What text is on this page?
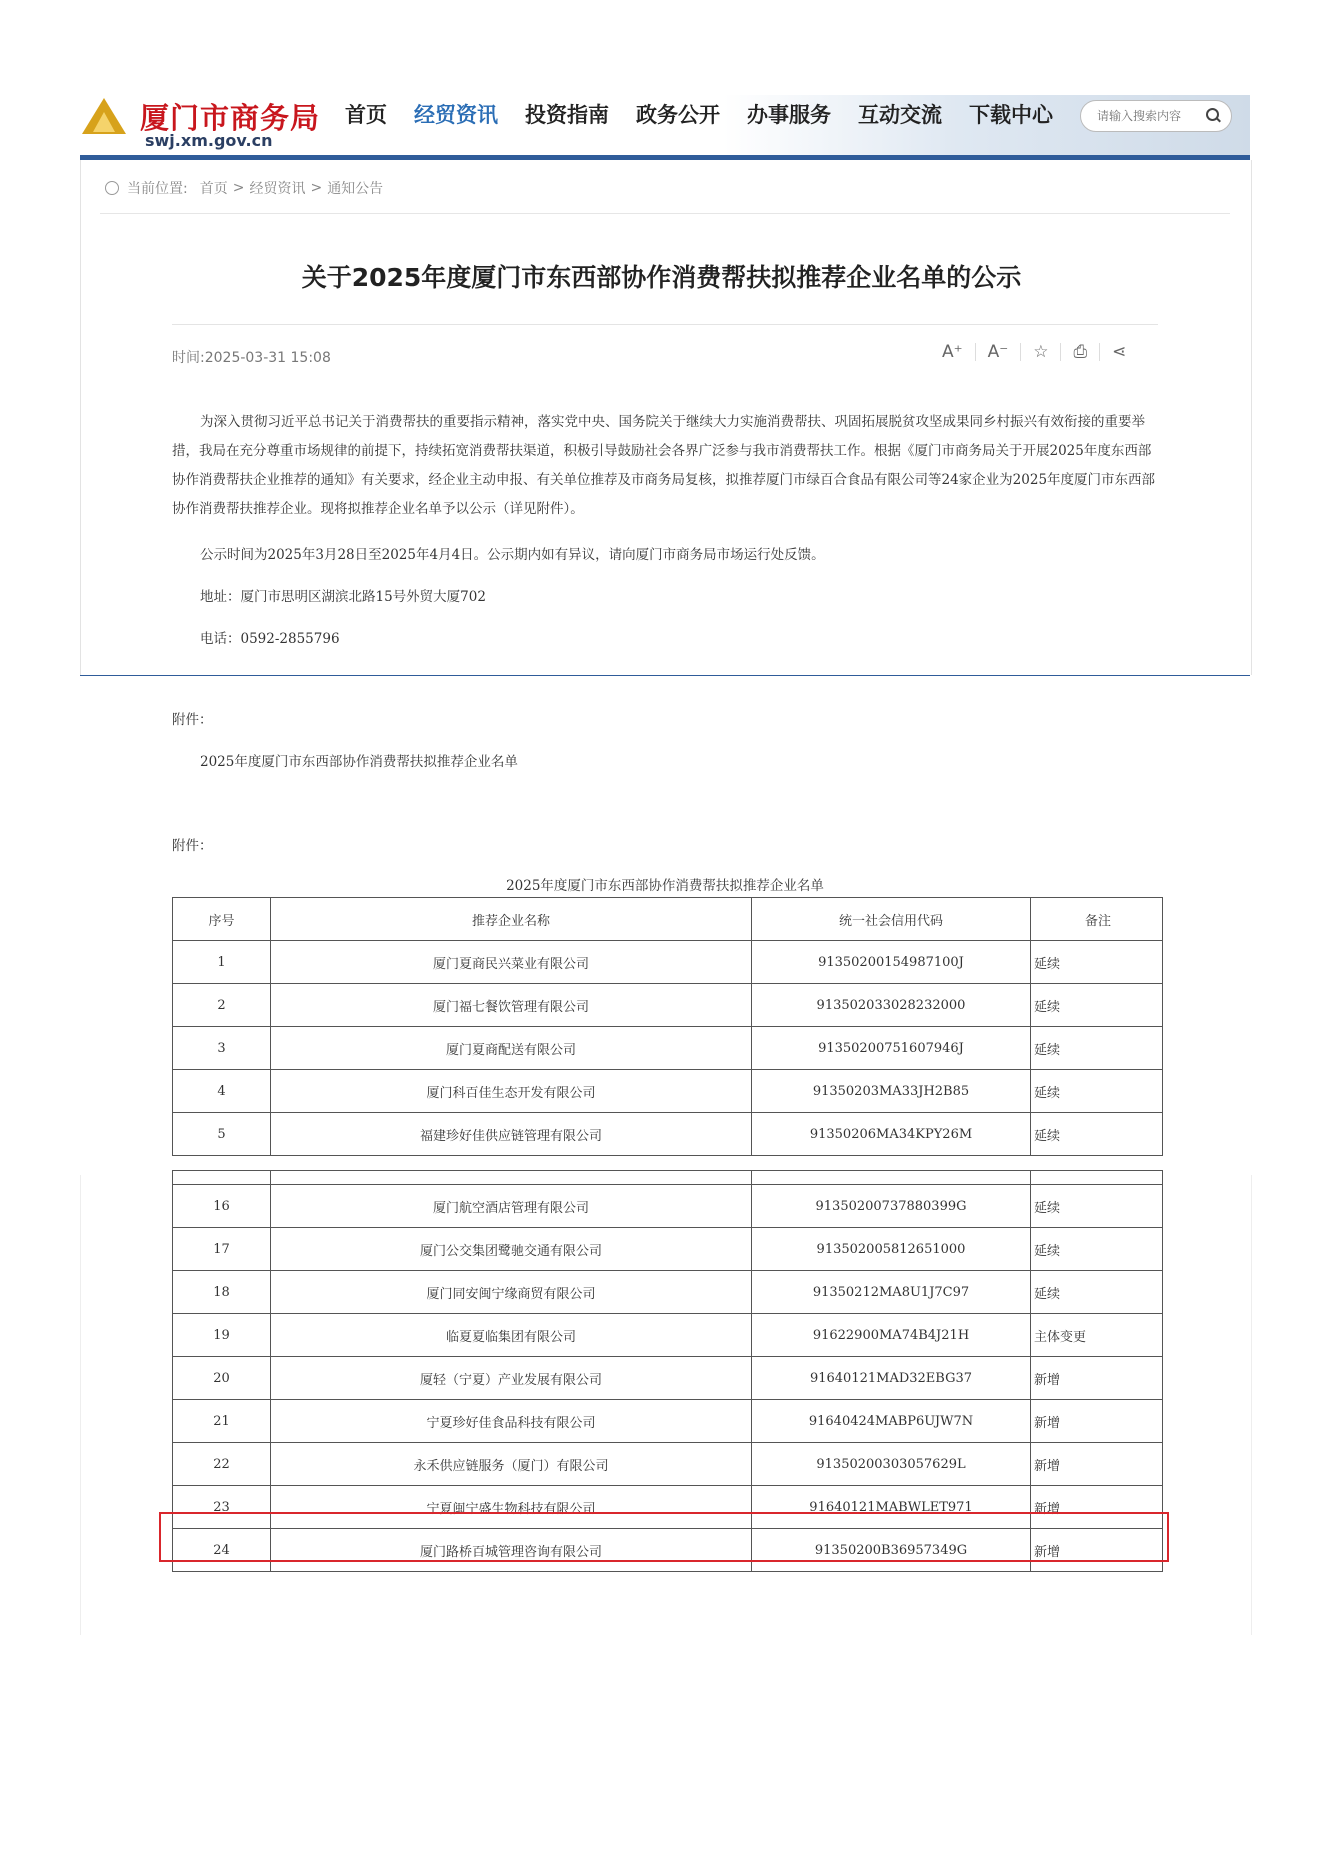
厦门市商务局
swj.xm.gov.cn
首页 经贸资讯 投资指南 政务公开 办事服务 互动交流 下载中心
请输入搜索内容
当前位置: 首页 > 经贸资讯 > 通知公告
关于2025年度厦门市东西部协作消费帮扶拟推荐企业名单的公示
时间:2025-03-31 15:08	A⁺	A⁻	☆	⎙	⋖
为深入贯彻习近平总书记关于消费帮扶的重要指示精神，落实党中央、国务院关于继续大力实施消费帮扶、巩固拓展脱贫攻坚成果同乡村振兴有效衔接的重要举措，我局在充分尊重市场规律的前提下，持续拓宽消费帮扶渠道，积极引导鼓励社会各界广泛参与我市消费帮扶工作。根据《厦门市商务局关于开展2025年度东西部协作消费帮扶企业推荐的通知》有关要求，经企业主动申报、有关单位推荐及市商务局复核，拟推荐厦门市绿百合食品有限公司等24家企业为2025年度厦门市东西部协作消费帮扶推荐企业。现将拟推荐企业名单予以公示（详见附件）。
公示时间为2025年3月28日至2025年4月4日。公示期内如有异议，请向厦门市商务局市场运行处反馈。
地址：厦门市思明区湖滨北路15号外贸大厦702
电话：0592-2855796
附件：
2025年度厦门市东西部协作消费帮扶拟推荐企业名单
附件：
2025年度厦门市东西部协作消费帮扶拟推荐企业名单
序号	推荐企业名称	统一社会信用代码	备注
1	厦门夏商民兴菜业有限公司	91350200154987100J	延续
2	厦门福七餐饮管理有限公司	913502033028232000	延续
3	厦门夏商配送有限公司	91350200751607946J	延续
4	厦门科百佳生态开发有限公司	91350203MA33JH2B85	延续
5	福建珍好佳供应链管理有限公司	91350206MA34KPY26M	延续

16	厦门航空酒店管理有限公司	91350200737880399G	延续
17	厦门公交集团鹭驰交通有限公司	913502005812651000	延续
18	厦门同安闽宁缘商贸有限公司	91350212MA8U1J7C97	延续
19	临夏夏临集团有限公司	91622900MA74B4J21H	主体变更
20	厦轻（宁夏）产业发展有限公司	91640121MAD32EBG37	新增
21	宁夏珍好佳食品科技有限公司	91640424MABP6UJW7N	新增
22	永禾供应链服务（厦门）有限公司	91350200303057629L	新增
23	宁夏闽宁盛生物科技有限公司	91640121MABWLET971	新增
24	厦门路桥百城管理咨询有限公司	91350200B36957349G	新增
